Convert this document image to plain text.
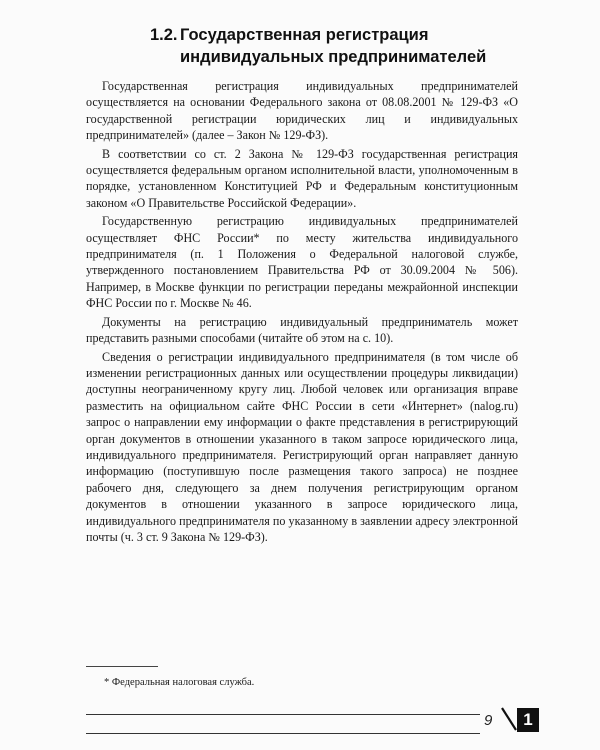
1.2. Государственная регистрация
индивидуальных предпринимателей

Государственная регистрация индивидуальных предпринимателей осуществляется на основании Федерального закона от 08.08.2001 № 129-ФЗ «О государственной регистрации юридических лиц и индивидуальных предпринимателей» (далее – Закон № 129-ФЗ).

В соответствии со ст. 2 Закона № 129-ФЗ государственная регистрация осуществляется федеральным органом исполнительной власти, уполномоченным в порядке, установленном Конституцией РФ и Федеральным конституционным законом «О Правительстве Российской Федерации».

Государственную регистрацию индивидуальных предпринимателей осуществляет ФНС России* по месту жительства индивидуального предпринимателя (п. 1 Положения о Федеральной налоговой службе, утвержденного постановлением Правительства РФ от 30.09.2004 № 506). Например, в Москве функции по регистрации переданы межрайонной инспекции ФНС России по г. Москве № 46.

Документы на регистрацию индивидуальный предприниматель может представить разными способами (читайте об этом на с. 10).

Сведения о регистрации индивидуального предпринимателя (в том числе об изменении регистрационных данных или осуществлении процедуры ликвидации) доступны неограниченному кругу лиц. Любой человек или организация вправе разместить на официальном сайте ФНС России в сети «Интернет» (nalog.ru) запрос о направлении ему информации о факте представления в регистрирующий орган документов в отношении указанного в таком запросе юридического лица, индивидуального предпринимателя. Регистрирующий орган направляет данную информацию (поступившую после размещения такого запроса) не позднее рабочего дня, следующего за днем получения регистрирующим органом документов в отношении указанного в запросе юридического лица, индивидуального предпринимателя по указанному в заявлении адресу электронной почты (ч. 3 ст. 9 Закона № 129-ФЗ).

* Федеральная налоговая служба.
9	1
